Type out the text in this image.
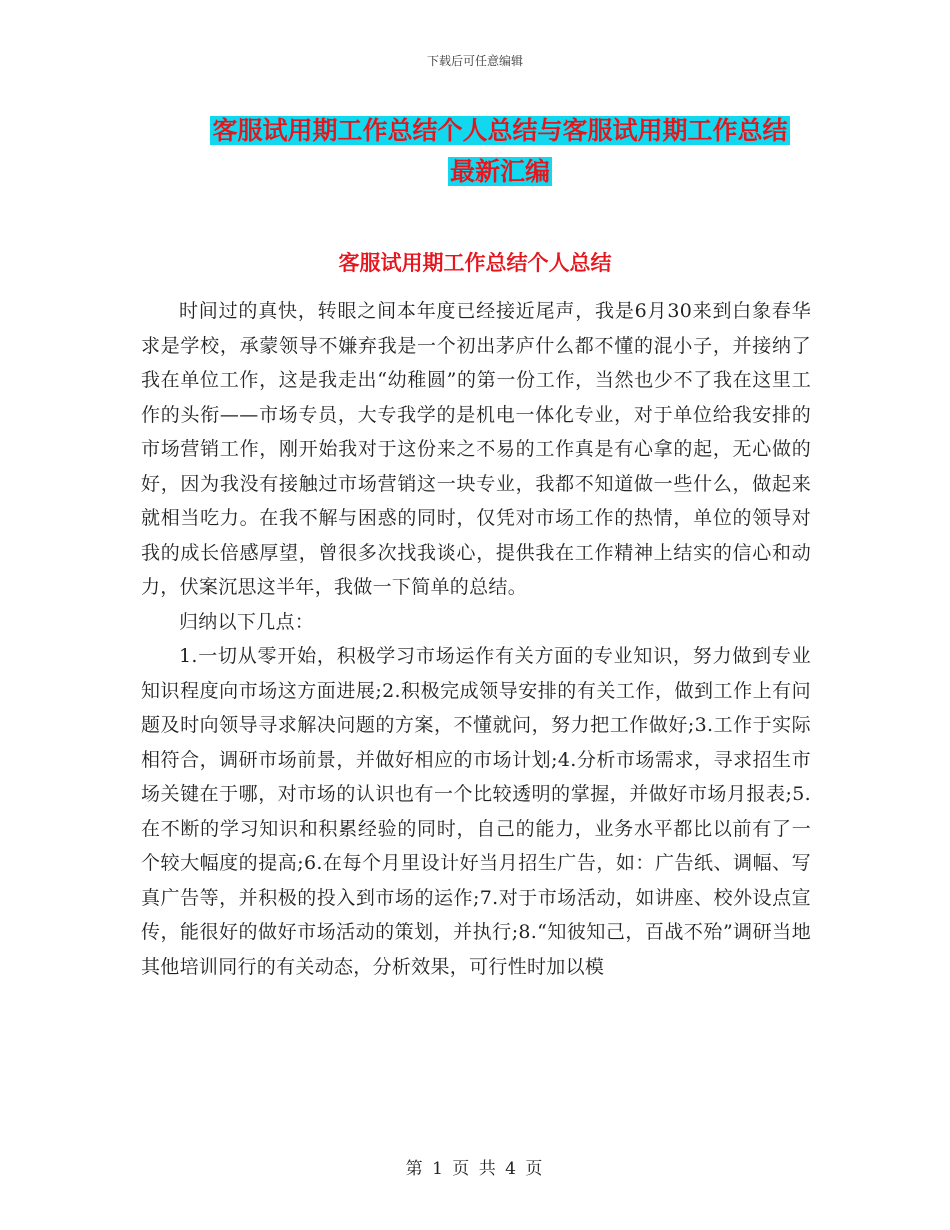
下载后可任意编辑
客服试用期工作总结个人总结与客服试用期工作总结
最新汇编
客服试用期工作总结个人总结

时间过的真快，转眼之间本年度已经接近尾声，我是6月30来到白象春华求是学校，承蒙领导不嫌弃我是一个初出茅庐什么都不懂的混小子，并接纳了我在单位工作，这是我走出“幼稚圆”的第一份工作，当然也少不了我在这里工作的头衔——市场专员，大专我学的是机电一体化专业，对于单位给我安排的市场营销工作，刚开始我对于这份来之不易的工作真是有心拿的起，无心做的好，因为我没有接触过市场营销这一块专业，我都不知道做一些什么，做起来就相当吃力。在我不解与困惑的同时，仅凭对市场工作的热情，单位的领导对我的成长倍感厚望，曾很多次找我谈心，提供我在工作精神上结实的信心和动力，伏案沉思这半年，我做一下简单的总结。

归纳以下几点：

1.一切从零开始，积极学习市场运作有关方面的专业知识，努力做到专业知识程度向市场这方面进展;2.积极完成领导安排的有关工作，做到工作上有问题及时向领导寻求解决问题的方案，不懂就问，努力把工作做好;3.工作于实际相符合，调研市场前景，并做好相应的市场计划;4.分析市场需求，寻求招生市场关键在于哪，对市场的认识也有一个比较透明的掌握，并做好市场月报表;5.在不断的学习知识和积累经验的同时，自己的能力，业务水平都比以前有了一个较大幅度的提高;6.在每个月里设计好当月招生广告，如：广告纸、调幅、写真广告等，并积极的投入到市场的运作;7.对于市场活动，如讲座、校外设点宣传，能很好的做好市场活动的策划，并执行;8.“知彼知己，百战不殆”调研当地其他培训同行的有关动态，分析效果，可行性时加以模

第 1 页 共 4 页
